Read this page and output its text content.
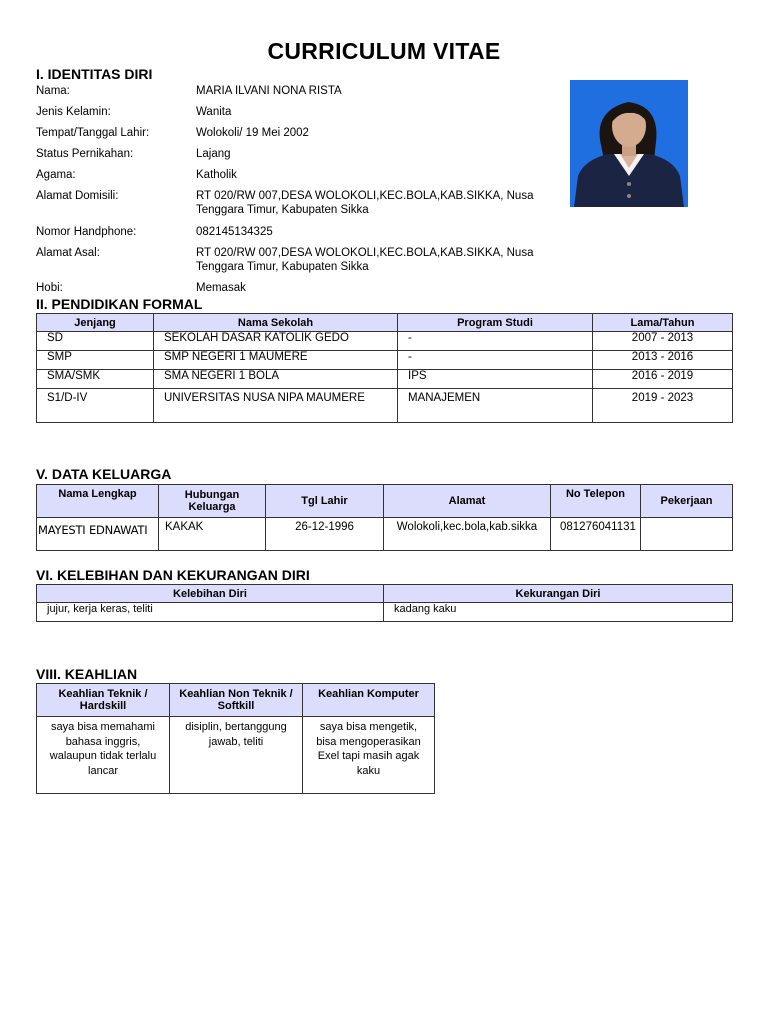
CURRICULUM VITAE
I. IDENTITAS DIRI
Nama:	MARIA ILVANI NONA RISTA
Jenis Kelamin:	Wanita
Tempat/Tanggal Lahir:	Wolokoli/ 19 Mei 2002
Status Pernikahan:	Lajang
Agama:	Katholik
Alamat Domisili:	RT 020/RW 007,DESA WOLOKOLI,KEC.BOLA,KAB.SIKKA, Nusa Tenggara Timur, Kabupaten Sikka
Nomor Handphone:	082145134325
Alamat Asal:	RT 020/RW 007,DESA WOLOKOLI,KEC.BOLA,KAB.SIKKA, Nusa Tenggara Timur, Kabupaten Sikka
Hobi:	Memasak
II. PENDIDIKAN FORMAL
Jenjang	Nama Sekolah	Program Studi	Lama/Tahun
SD	SEKOLAH DASAR KATOLIK GEDO	-	2007 - 2013
SMP	SMP NEGERI 1 MAUMERE	-	2013 - 2016
SMA/SMK	SMA NEGERI 1 BOLA	IPS	2016 - 2019
S1/D-IV	UNIVERSITAS NUSA NIPA MAUMERE	MANAJEMEN	2019 - 2023
V. DATA KELUARGA
Nama Lengkap	Hubungan Keluarga	Tgl Lahir	Alamat	No Telepon	Pekerjaan
MAYESTI EDNAWATI	KAKAK	26-12-1996	Wolokoli,kec.bola,kab.sikka	081276041131	
VI. KELEBIHAN DAN KEKURANGAN DIRI
Kelebihan Diri	Kekurangan Diri
jujur, kerja keras, teliti	kadang kaku
VIII. KEAHLIAN
Keahlian Teknik / Hardskill	Keahlian Non Teknik / Softkill	Keahlian Komputer
saya bisa memahami bahasa inggris, walaupun tidak terlalu lancar	disiplin, bertanggung jawab, teliti	saya bisa mengetik, bisa mengoperasikan Exel tapi masih agak kaku
